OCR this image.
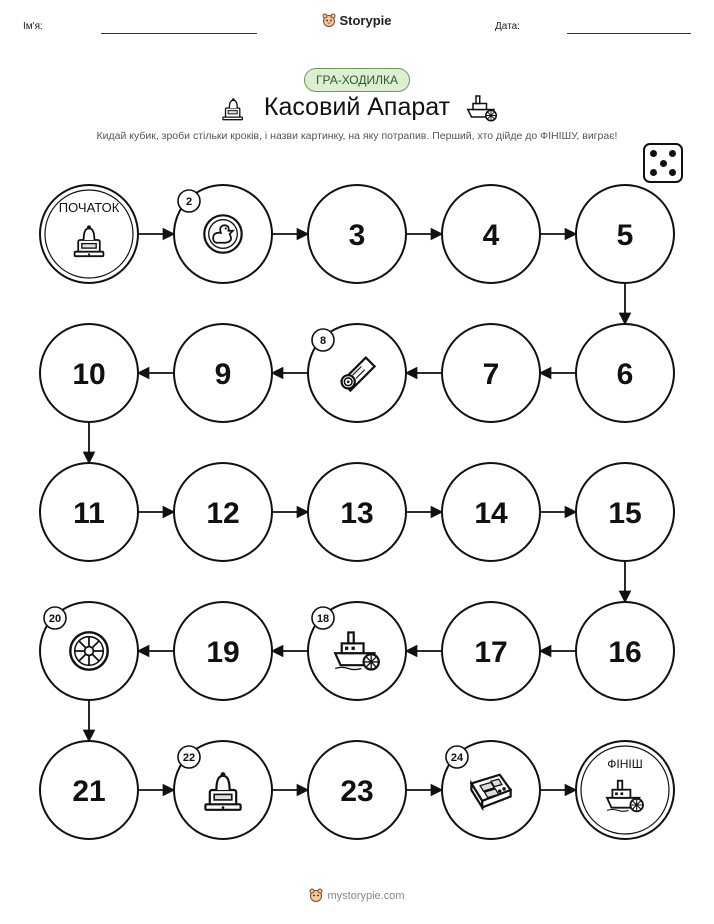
Ім'я:	Storypie	Дата:
ГРА-ХОДИЛКА
Касовий Апарат
Кидай кубик, зроби стільки кроків, і назви картинку, на яку потрапив. Перший, хто дійде до ФІНІШУ, виграє!
ПОЧАТОК	2
3	4	5
6
7
8
9
10
11	12	13	14	15
16
17
18
19
20
21
22
23
24	ФІНІШ
mystorypie.com
